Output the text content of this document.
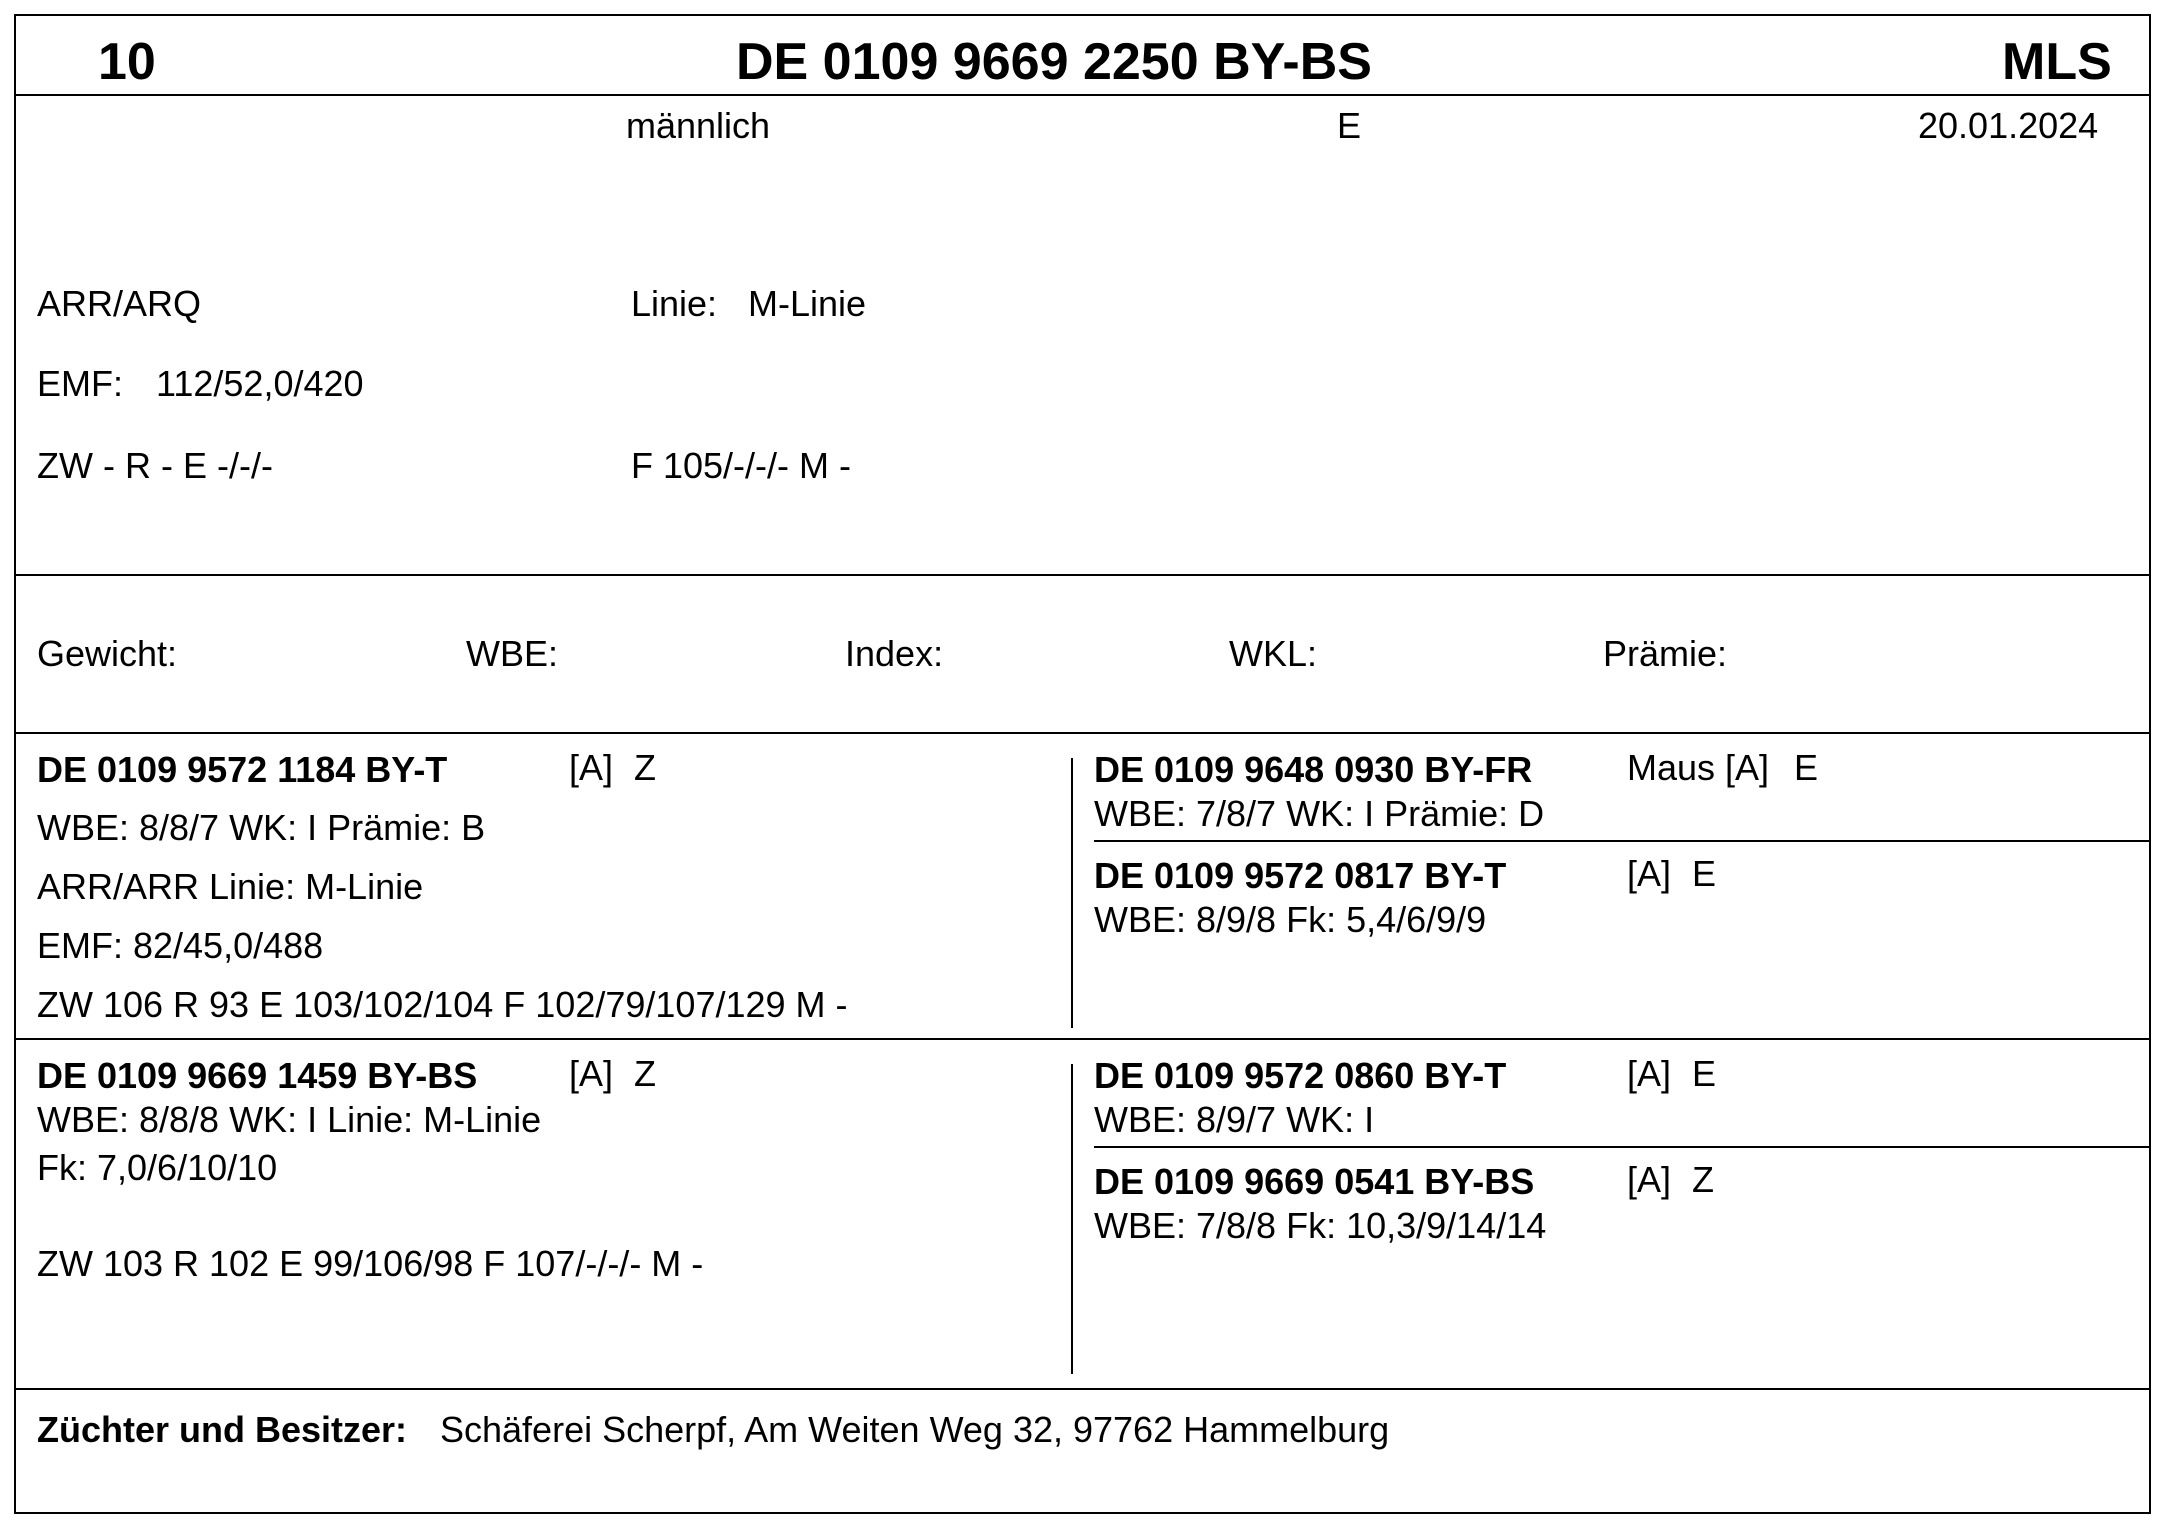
10	DE 0109 9669 2250 BY-BS	MLS
männlich	E	20.01.2024
ARR/ARQ	Linie: M-Linie
EMF: 112/52,0/420
ZW - R - E -/-/-	F 105/-/-/- M -
Gewicht:	WBE:	Index:	WKL:	Prämie:
DE 0109 9572 1184 BY-T	[A] Z
WBE: 8/8/7 WK: I Prämie: B
ARR/ARR Linie: M-Linie
EMF: 82/45,0/488
ZW 106 R 93 E 103/102/104 F 102/79/107/129 M -
DE 0109 9648 0930 BY-FR	Maus [A] E
WBE: 7/8/7 WK: I Prämie: D
DE 0109 9572 0817 BY-T	[A] E
WBE: 8/9/8 Fk: 5,4/6/9/9
DE 0109 9669 1459 BY-BS	[A] Z
WBE: 8/8/8 WK: I Linie: M-Linie
Fk: 7,0/6/10/10
ZW 103 R 102 E 99/106/98 F 107/-/-/- M -
DE 0109 9572 0860 BY-T	[A] E
WBE: 8/9/7 WK: I
DE 0109 9669 0541 BY-BS	[A] Z
WBE: 7/8/8 Fk: 10,3/9/14/14
Züchter und Besitzer: Schäferei Scherpf, Am Weiten Weg 32, 97762 Hammelburg
